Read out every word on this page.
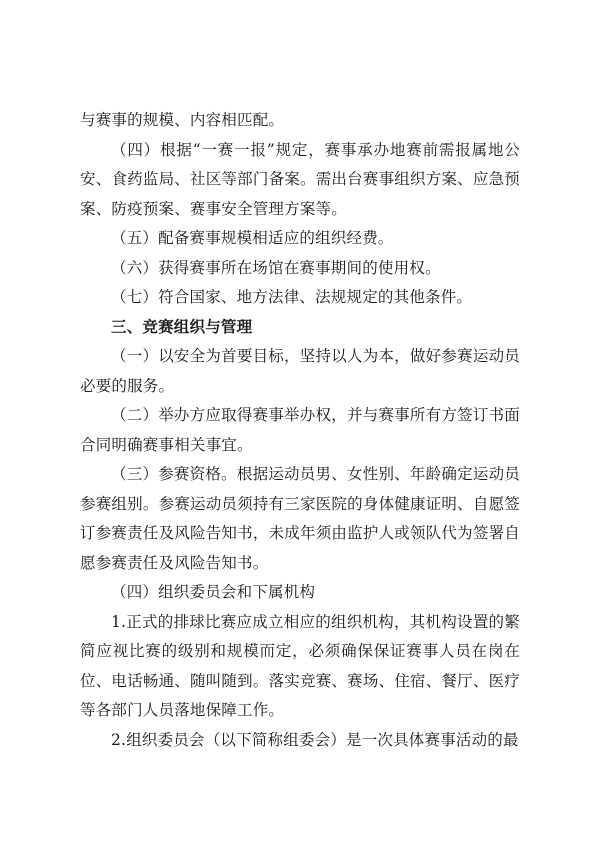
与赛事的规模、内容相匹配。

（四）根据“一赛一报”规定，赛事承办地赛前需报属地公安、食药监局、社区等部门备案。需出台赛事组织方案、应急预案、防疫预案、赛事安全管理方案等。

（五）配备赛事规模相适应的组织经费。

（六）获得赛事所在场馆在赛事期间的使用权。

（七）符合国家、地方法律、法规规定的其他条件。

三、竞赛组织与管理

（一）以安全为首要目标，坚持以人为本，做好参赛运动员必要的服务。

（二）举办方应取得赛事举办权，并与赛事所有方签订书面合同明确赛事相关事宜。

（三）参赛资格。根据运动员男、女性别、年龄确定运动员参赛组别。参赛运动员须持有三家医院的身体健康证明、自愿签订参赛责任及风险告知书，未成年须由监护人或领队代为签署自愿参赛责任及风险告知书。

（四）组织委员会和下属机构

1.正式的排球比赛应成立相应的组织机构，其机构设置的繁简应视比赛的级别和规模而定，必须确保保证赛事人员在岗在位、电话畅通、随叫随到。落实竞赛、赛场、住宿、餐厅、医疗等各部门人员落地保障工作。

2.组织委员会（以下简称组委会）是一次具体赛事活动的最
